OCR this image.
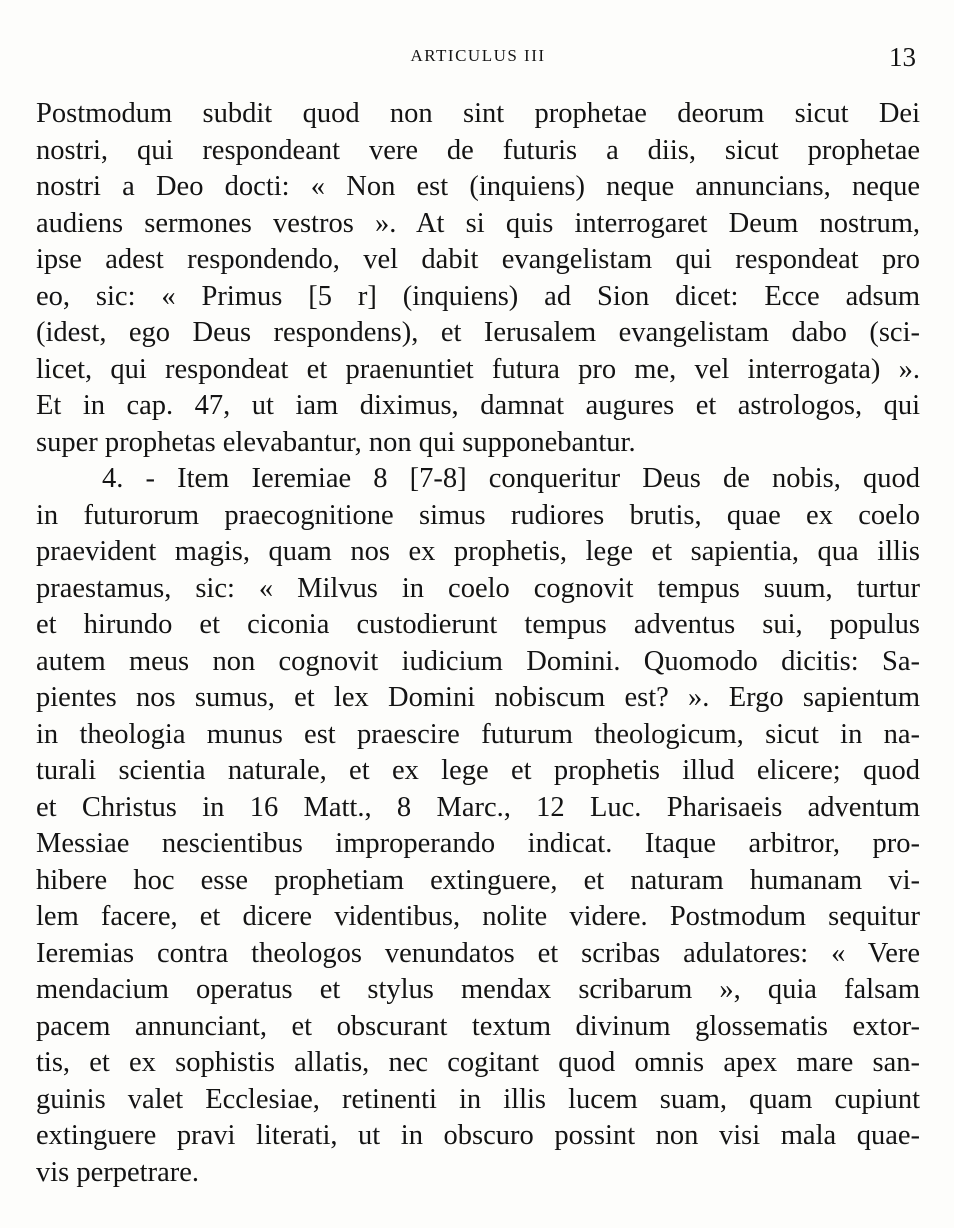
ARTICULUS III	13
Postmodum subdit quod non sint prophetae deorum sicut Dei
nostri, qui respondeant vere de futuris a diis, sicut prophetae
nostri a Deo docti: « Non est (inquiens) neque annuncians, neque
audiens sermones vestros ». At si quis interrogaret Deum nostrum,
ipse adest respondendo, vel dabit evangelistam qui respondeat pro
eo, sic: « Primus [5 r] (inquiens) ad Sion dicet: Ecce adsum
(idest, ego Deus respondens), et Ierusalem evangelistam dabo (sci-
licet, qui respondeat et praenuntiet futura pro me, vel interrogata) ».
Et in cap. 47, ut iam diximus, damnat augures et astrologos, qui
super prophetas elevabantur, non qui supponebantur.
4. - Item Ieremiae 8 [7-8] conqueritur Deus de nobis, quod
in futurorum praecognitione simus rudiores brutis, quae ex coelo
praevident magis, quam nos ex prophetis, lege et sapientia, qua illis
praestamus, sic: « Milvus in coelo cognovit tempus suum, turtur
et hirundo et ciconia custodierunt tempus adventus sui, populus
autem meus non cognovit iudicium Domini. Quomodo dicitis: Sa-
pientes nos sumus, et lex Domini nobiscum est? ». Ergo sapientum
in theologia munus est praescire futurum theologicum, sicut in na-
turali scientia naturale, et ex lege et prophetis illud elicere; quod
et Christus in 16 Matt., 8 Marc., 12 Luc. Pharisaeis adventum
Messiae nescientibus improperando indicat. Itaque arbitror, pro-
hibere hoc esse prophetiam extinguere, et naturam humanam vi-
lem facere, et dicere videntibus, nolite videre. Postmodum sequitur
Ieremias contra theologos venundatos et scribas adulatores: « Vere
mendacium operatus et stylus mendax scribarum », quia falsam
pacem annunciant, et obscurant textum divinum glossematis extor-
tis, et ex sophistis allatis, nec cogitant quod omnis apex mare san-
guinis valet Ecclesiae, retinenti in illis lucem suam, quam cupiunt
extinguere pravi literati, ut in obscuro possint non visi mala quae-
vis perpetrare.
